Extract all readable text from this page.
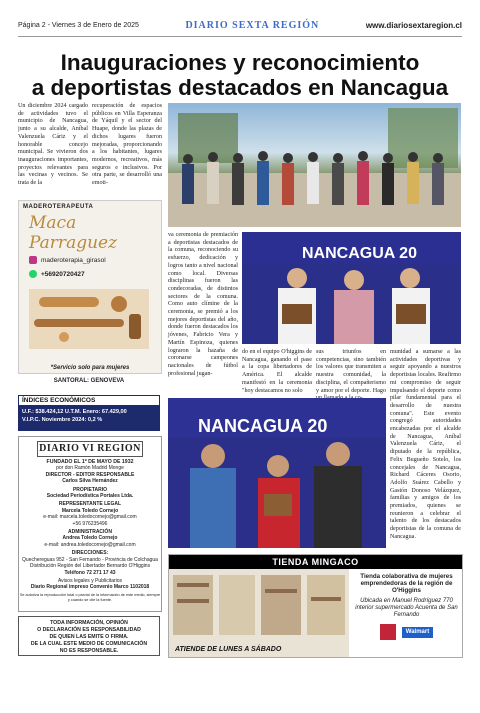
Página 2 - Viernes 3 de Enero de 2025	DIARIO SEXTA REGIÓN	www.diariosextaregion.cl
Inauguraciones y reconocimiento
a deportistas destacados en Nancagua
Un diciembre 2024 cargado de actividades tuvo el municipio de Nancagua, junto a su alcalde, Aníbal Valenzuela Cáriz y el honorable concejo municipal. Se vivieron dos inauguraciones importantes, proyectos relevantes para las vecinas y vecinos. Se trata de la
recuperación de espacios públicos en Villa Esperanza de Yáquil y el sector del Huape, donde las plazas de dichos lugares fueron mejoradas, proporcionando a los habitantes, lugares modernos, recreativos, más seguros e inclusivos. Por otra parte, se desarrolló una emoti-
MADEROTERAPEUTA
Maca Parraguez
maderoterapia_girasol
+56920720427
*Servicio solo para mujeres
SANTORAL: GENOVEVA
ÍNDICES ECONÓMICOS
U.F.: $38.424,12 U.T.M. Enero: 67.429,00
V.I.P.C. Noviembre 2024: 0,2 %
DIARIO VI REGION
FUNDADO EL 1º DE MAYO DE 1932
por don Ramón Madrid Monge
DIRECTOR - EDITOR RESPONSABLE
Carlos Silva Hernández
PROPIETARIO
Sociedad Periodística Portales Ltda.
REPRESENTANTE LEGAL
Marcela Toledo Cornejo
e-mail: marcela.toledocornejo@gmail.com
+56 976235496
ADMINISTRACIÓN
Andrea Toledo Cornejo
e-mail: andrea.toledocornejo@gmail.com
DIRECCIONES:
Quechereguas 952 - San Fernando - Provincia de Colchagua
Distribución Región del Libertador Bernardo O'Higgins
Teléfono 72 271 17 43
Avisos legales y Publicitarios
Diario Regional impreso Convenio Marco 1102018
Se autoriza la reproducción total o parcial de la información de este medio, siempre y cuando se cite la fuente.
TODA INFORMACIÓN, OPINIÓN
O DECLARACIÓN ES RESPONSABILIDAD
DE QUIEN LAS EMITE O FIRMA.
DE LA CUAL ESTE MEDIO DE COMUNICACIÓN
NO ES RESPONSABLE.
va ceremonia de premiación a deportistas destacados de la comuna, reconociendo su esfuerzo, dedicación y logros tanto a nivel nacional como local. Diversas disciplinas fueron las condecoradas, de distintos sectores de la comuna. Como auto clímine de la ceremonia, se premió a los mejores deportistas del año, donde fueron destacados los jóvenes, Fabricio Vera y Martín Espinoza, quienes lograron la hazaña de coronarse campeones nacionales de fútbol profesional jugan-
NANCAGUA 20
do en el equipo O'higgins de Nancagua, ganando el pase a la copa libertadores de América. El alcalde manifestó en la ceremonia "hoy destacamos no solo
sus triunfos en competencias, sino también los valores que transmiten a nuestra comunidad, la disciplina, el compañerismo y amor por el deporte. Hago
munidad a sumarse a las actividades deportivas y seguir apoyando a nuestros deportistas locales. Reafirmo mi compromiso de seguir impulsando el deporte como pilar fundamental para el desarrollo de nuestra comuna". Este evento congregó autoridades encabezadas por el alcalde de Nancagua, Aníbal Valenzuela Cáriz, el diputado de la república, Felix Bugueño Sotelo, los concejales de Nancagua, Richard Cáceres Osorio, Adolfo Suárez Cabello y Gastón Donoso Velázquez, familias y amigos de los premiados, quienes se reunieron a celebrar el talento de los destacados deportistas de la comuna de Nancagua.
NANCAGUA 20
TIENDA MINGACO
ATIENDE DE LUNES A SÁBADO
Tienda colaborativa de mujeres emprendedoras de la región de O'Higgins
Ubicada en Manuel Rodríguez 770 interior supermercado Acuenta de San Fernando
Walmart
